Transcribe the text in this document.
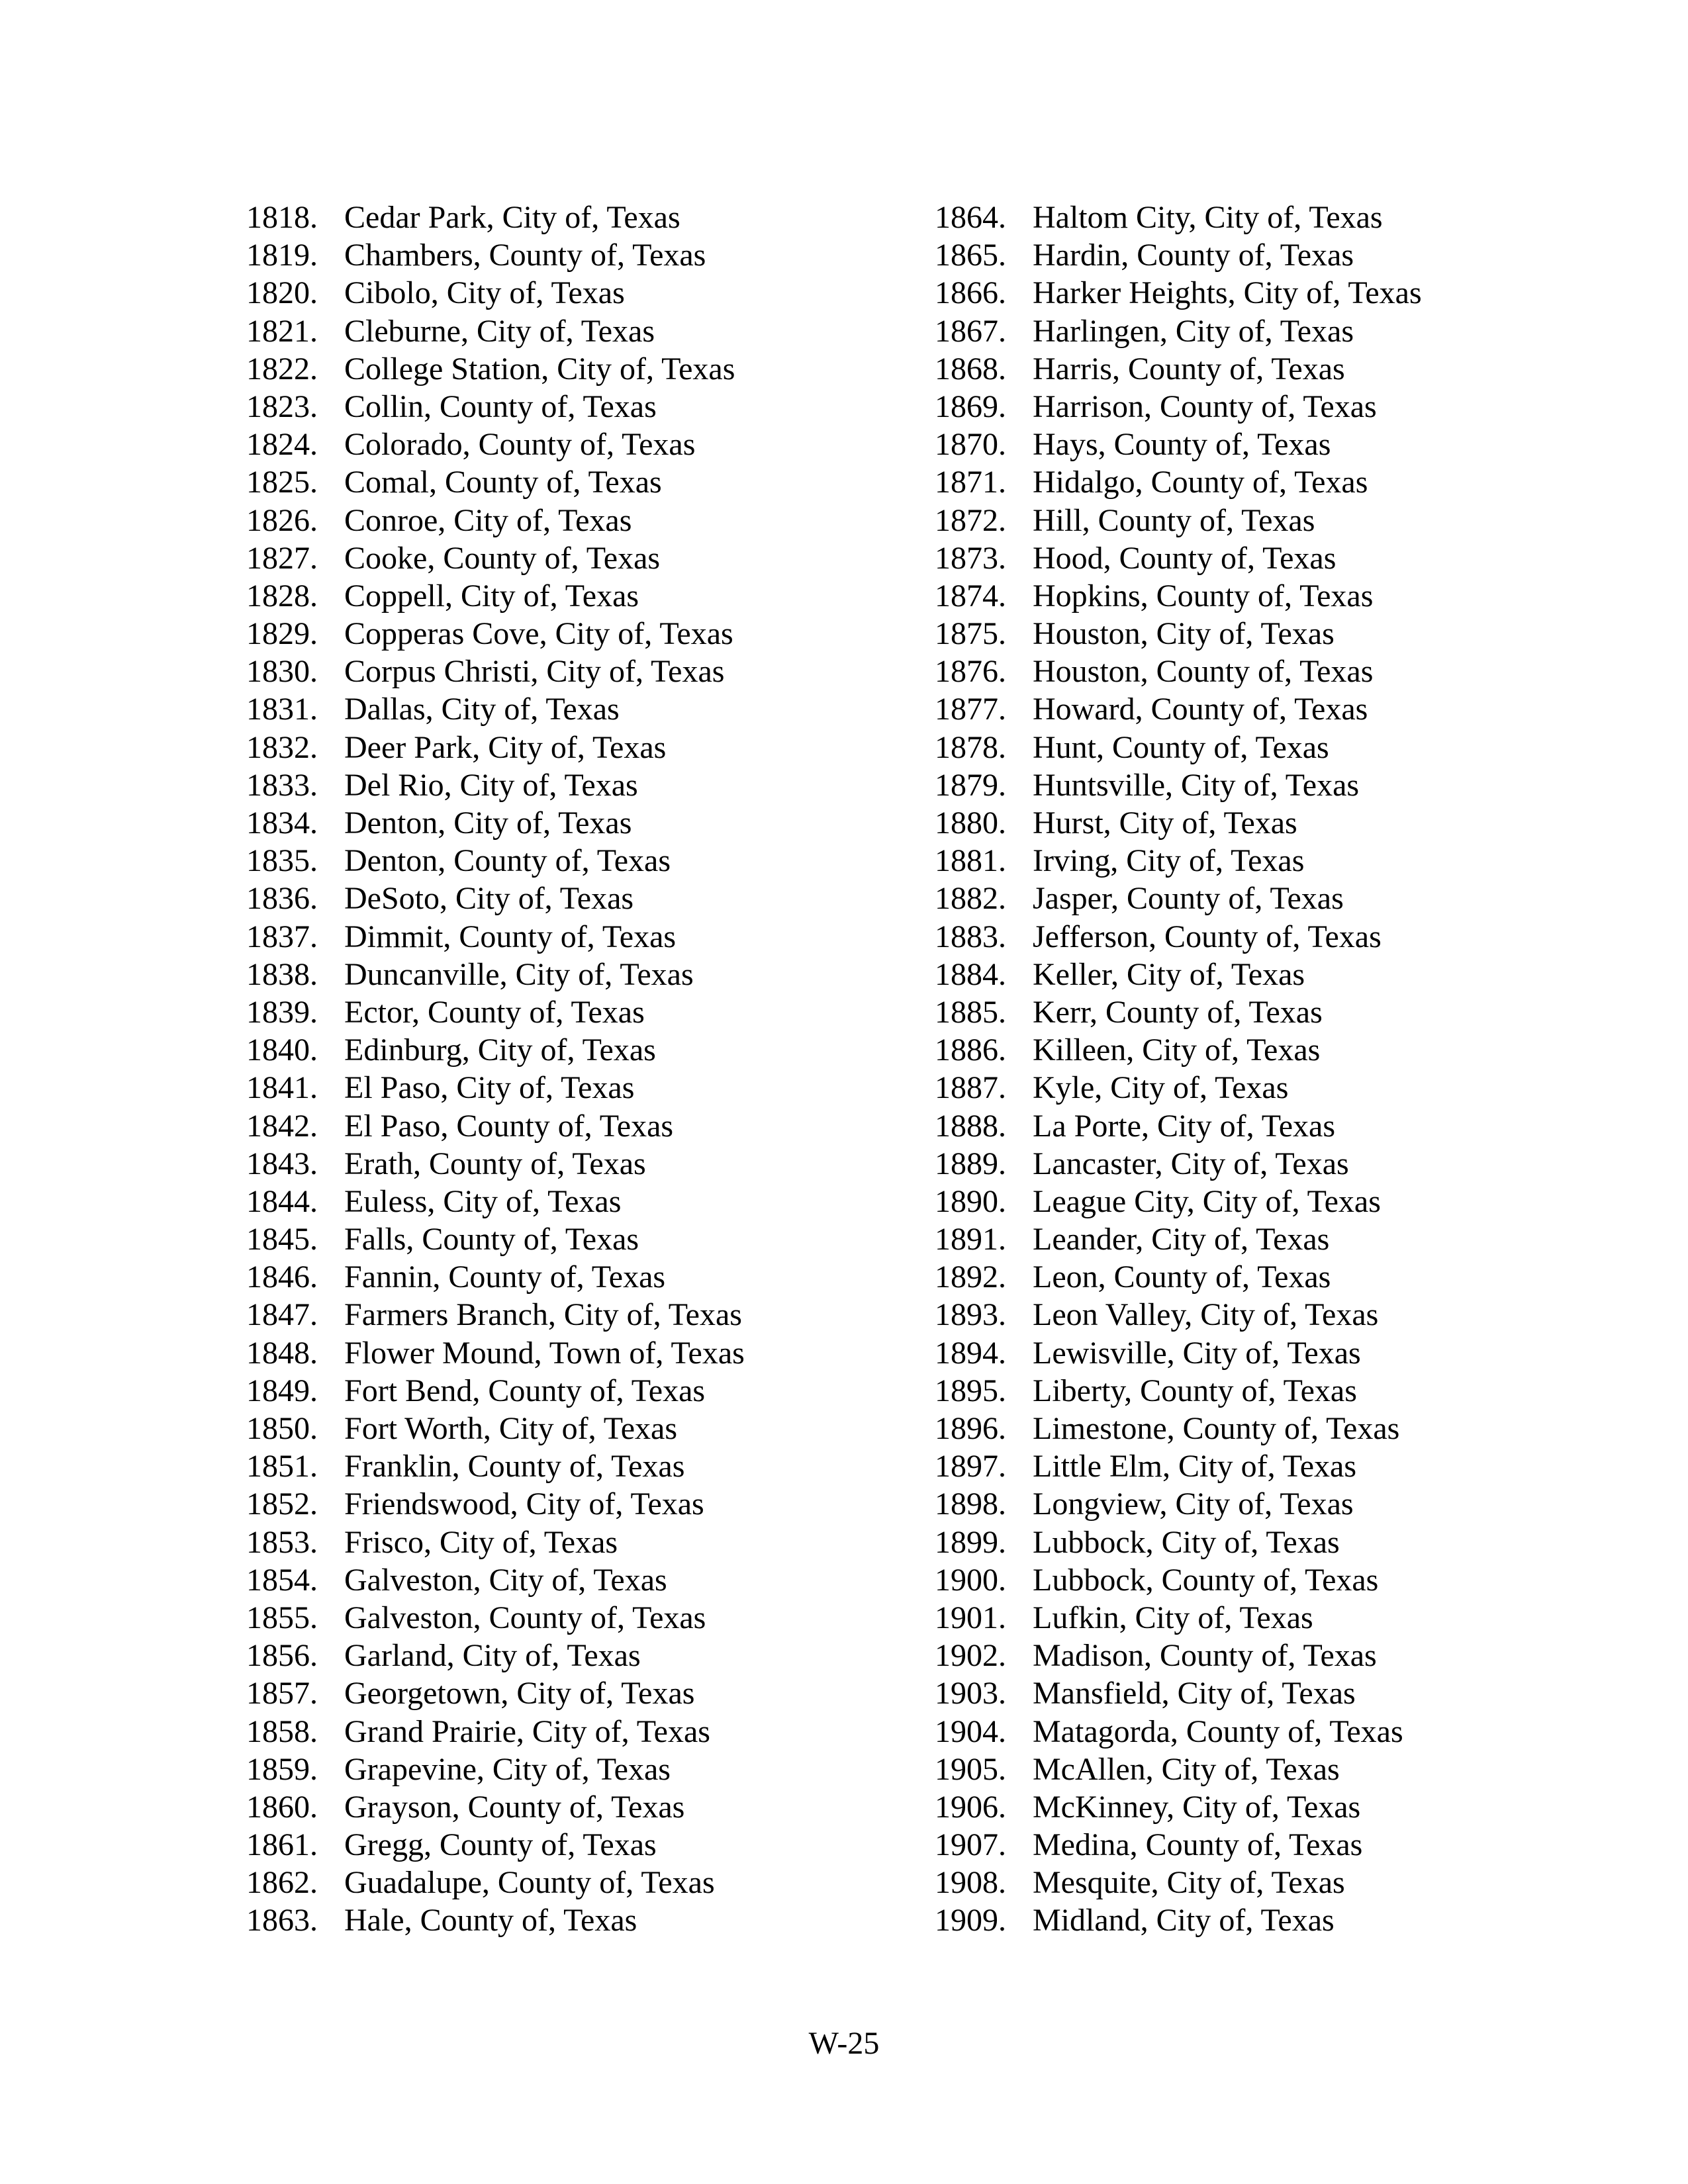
1818. Cedar Park, City of, Texas
1819. Chambers, County of, Texas
1820. Cibolo, City of, Texas
1821. Cleburne, City of, Texas
1822. College Station, City of, Texas
1823. Collin, County of, Texas
1824. Colorado, County of, Texas
1825. Comal, County of, Texas
1826. Conroe, City of, Texas
1827. Cooke, County of, Texas
1828. Coppell, City of, Texas
1829. Copperas Cove, City of, Texas
1830. Corpus Christi, City of, Texas
1831. Dallas, City of, Texas
1832. Deer Park, City of, Texas
1833. Del Rio, City of, Texas
1834. Denton, City of, Texas
1835. Denton, County of, Texas
1836. DeSoto, City of, Texas
1837. Dimmit, County of, Texas
1838. Duncanville, City of, Texas
1839. Ector, County of, Texas
1840. Edinburg, City of, Texas
1841. El Paso, City of, Texas
1842. El Paso, County of, Texas
1843. Erath, County of, Texas
1844. Euless, City of, Texas
1845. Falls, County of, Texas
1846. Fannin, County of, Texas
1847. Farmers Branch, City of, Texas
1848. Flower Mound, Town of, Texas
1849. Fort Bend, County of, Texas
1850. Fort Worth, City of, Texas
1851. Franklin, County of, Texas
1852. Friendswood, City of, Texas
1853. Frisco, City of, Texas
1854. Galveston, City of, Texas
1855. Galveston, County of, Texas
1856. Garland, City of, Texas
1857. Georgetown, City of, Texas
1858. Grand Prairie, City of, Texas
1859. Grapevine, City of, Texas
1860. Grayson, County of, Texas
1861. Gregg, County of, Texas
1862. Guadalupe, County of, Texas
1863. Hale, County of, Texas
1864. Haltom City, City of, Texas
1865. Hardin, County of, Texas
1866. Harker Heights, City of, Texas
1867. Harlingen, City of, Texas
1868. Harris, County of, Texas
1869. Harrison, County of, Texas
1870. Hays, County of, Texas
1871. Hidalgo, County of, Texas
1872. Hill, County of, Texas
1873. Hood, County of, Texas
1874. Hopkins, County of, Texas
1875. Houston, City of, Texas
1876. Houston, County of, Texas
1877. Howard, County of, Texas
1878. Hunt, County of, Texas
1879. Huntsville, City of, Texas
1880. Hurst, City of, Texas
1881. Irving, City of, Texas
1882. Jasper, County of, Texas
1883. Jefferson, County of, Texas
1884. Keller, City of, Texas
1885. Kerr, County of, Texas
1886. Killeen, City of, Texas
1887. Kyle, City of, Texas
1888. La Porte, City of, Texas
1889. Lancaster, City of, Texas
1890. League City, City of, Texas
1891. Leander, City of, Texas
1892. Leon, County of, Texas
1893. Leon Valley, City of, Texas
1894. Lewisville, City of, Texas
1895. Liberty, County of, Texas
1896. Limestone, County of, Texas
1897. Little Elm, City of, Texas
1898. Longview, City of, Texas
1899. Lubbock, City of, Texas
1900. Lubbock, County of, Texas
1901. Lufkin, City of, Texas
1902. Madison, County of, Texas
1903. Mansfield, City of, Texas
1904. Matagorda, County of, Texas
1905. McAllen, City of, Texas
1906. McKinney, City of, Texas
1907. Medina, County of, Texas
1908. Mesquite, City of, Texas
1909. Midland, City of, Texas
W-25
